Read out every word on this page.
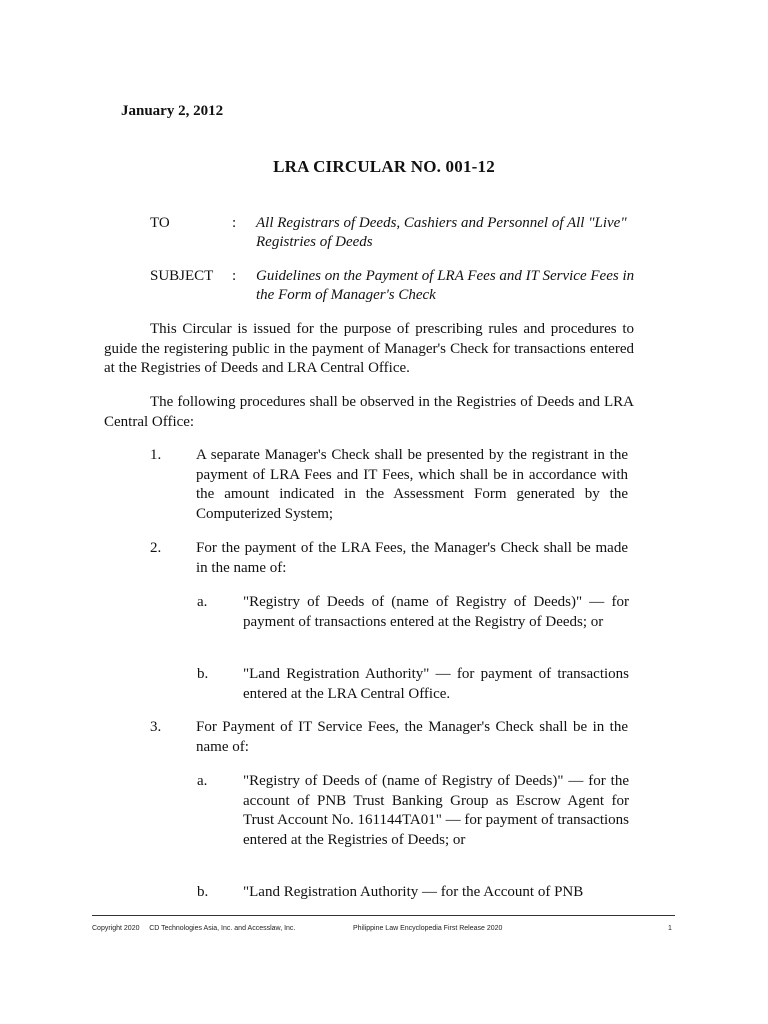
January 2, 2012
LRA CIRCULAR NO. 001-12
TO	: All Registrars of Deeds, Cashiers and Personnel of All "Live" Registries of Deeds
SUBJECT : Guidelines on the Payment of LRA Fees and IT Service Fees in the Form of Manager's Check
This Circular is issued for the purpose of prescribing rules and procedures to guide the registering public in the payment of Manager's Check for transactions entered at the Registries of Deeds and LRA Central Office.
The following procedures shall be observed in the Registries of Deeds and LRA Central Office:
1. A separate Manager's Check shall be presented by the registrant in the payment of LRA Fees and IT Fees, which shall be in accordance with the amount indicated in the Assessment Form generated by the Computerized System;
2. For the payment of the LRA Fees, the Manager's Check shall be made in the name of:
a. "Registry of Deeds of (name of Registry of Deeds)" — for payment of transactions entered at the Registry of Deeds; or
b. "Land Registration Authority" — for payment of transactions entered at the LRA Central Office.
3. For Payment of IT Service Fees, the Manager's Check shall be in the name of:
a. "Registry of Deeds of (name of Registry of Deeds)" — for the account of PNB Trust Banking Group as Escrow Agent for Trust Account No. 161144TA01" — for payment of transactions entered at the Registries of Deeds; or
b. "Land Registration Authority — for the Account of PNB
Copyright 2020     CD Technologies Asia, Inc. and Accesslaw, Inc.	Philippine Law Encyclopedia First Release 2020	1
